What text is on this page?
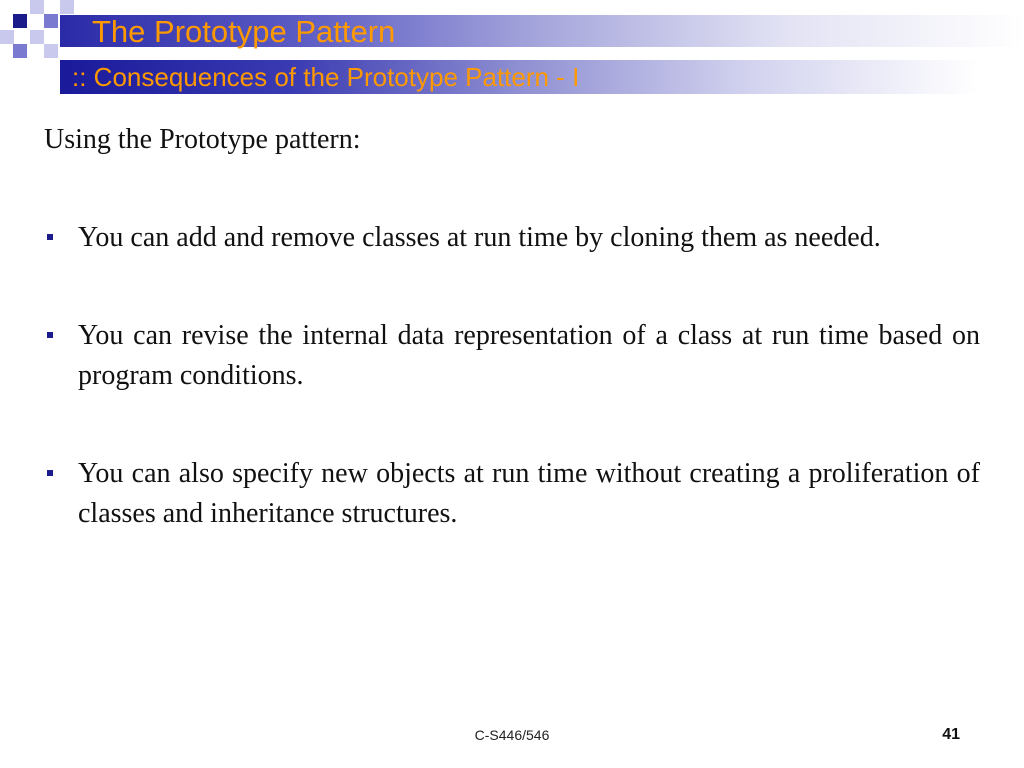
The Prototype Pattern
:: Consequences of the Prototype Pattern - I

Using the Prototype pattern:

You can add and remove classes at run time by cloning them as needed.
You can revise the internal data representation of a class at run time based on program conditions.
You can also specify new objects at run time without creating a proliferation of classes and inheritance structures.
C-S446/546	41
